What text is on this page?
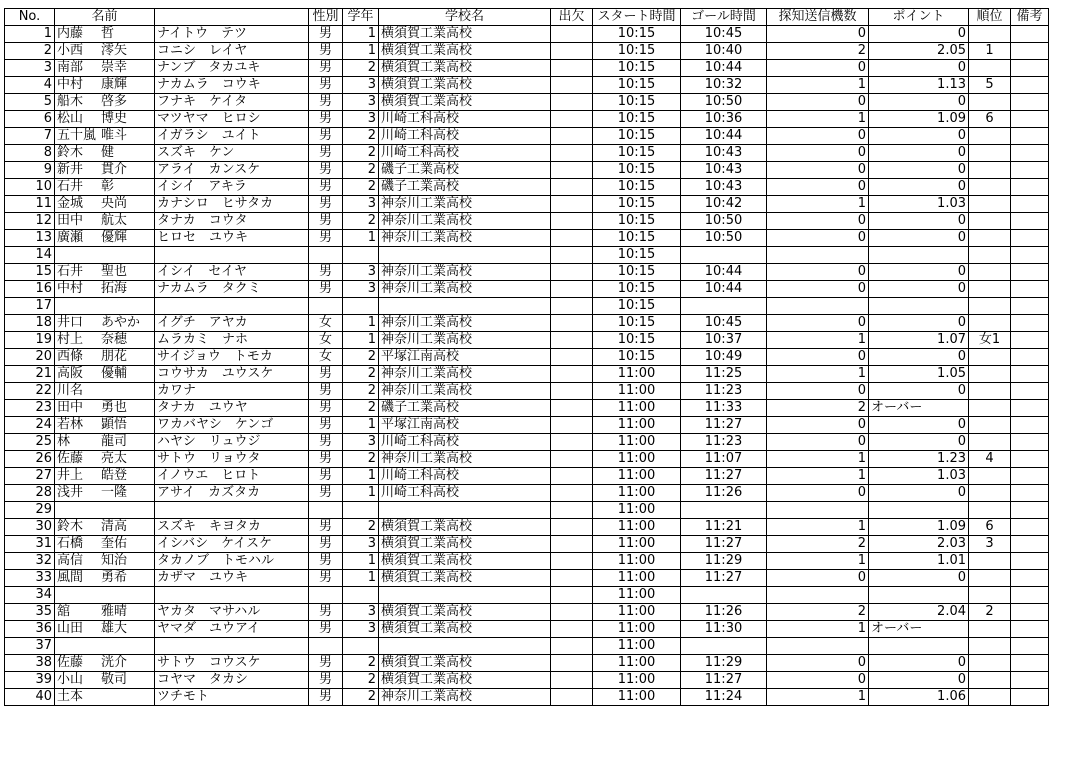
No.	名前		性別	学年	学校名	出欠	スタート時間	ゴール時間	探知送信機数	ポイント	順位	備考
1	内藤 哲	ナイトウ　テツ	男	1	横須賀工業高校		10:15	10:45	0	0		
2	小西 澪矢	コニシ　レイヤ	男	1	横須賀工業高校		10:15	10:40	2	2.05	1	
3	南部 崇幸	ナンブ　タカユキ	男	2	横須賀工業高校		10:15	10:44	0	0		
4	中村 康輝	ナカムラ　コウキ	男	3	横須賀工業高校		10:15	10:32	1	1.13	5	
5	船木 啓多	フナキ　ケイタ	男	3	横須賀工業高校		10:15	10:50	0	0		
6	松山 博史	マツヤマ　ヒロシ	男	3	川崎工科高校		10:15	10:36	1	1.09	6	
7	五十嵐 唯斗	イガラシ　ユイト	男	2	川崎工科高校		10:15	10:44	0	0		
8	鈴木 健	スズキ　ケン	男	2	川崎工科高校		10:15	10:43	0	0		
9	新井 貫介	アライ　カンスケ	男	2	磯子工業高校		10:15	10:43	0	0		
10	石井 彰	イシイ　アキラ	男	2	磯子工業高校		10:15	10:43	0	0		
11	金城 央尚	カナシロ　ヒサタカ	男	3	神奈川工業高校		10:15	10:42	1	1.03		
12	田中 航太	タナカ　コウタ	男	2	神奈川工業高校		10:15	10:50	0	0		
13	廣瀬 優輝	ヒロセ　ユウキ	男	1	神奈川工業高校		10:15	10:50	0	0		
14							10:15					
15	石井 聖也	イシイ　セイヤ	男	3	神奈川工業高校		10:15	10:44	0	0		
16	中村 拓海	ナカムラ　タクミ	男	3	神奈川工業高校		10:15	10:44	0	0		
17							10:15					
18	井口 あやか	イグチ　アヤカ	女	1	神奈川工業高校		10:15	10:45	0	0		
19	村上 奈穂	ムラカミ　ナホ	女	1	神奈川工業高校		10:15	10:37	1	1.07	女1	
20	西條 朋花	サイジョウ　トモカ	女	2	平塚江南高校		10:15	10:49	0	0		
21	高阪 優輔	コウサカ　ユウスケ	男	2	神奈川工業高校		11:00	11:25	1	1.05		
22	川名	カワナ	男	2	神奈川工業高校		11:00	11:23	0	0		
23	田中 勇也	タナカ　ユウヤ	男	2	磯子工業高校		11:00	11:33	2	オーバー		
24	若林 顕悟	ワカバヤシ　ケンゴ	男	1	平塚江南高校		11:00	11:27	0	0		
25	林 龍司	ハヤシ　リュウジ	男	3	川崎工科高校		11:00	11:23	0	0		
26	佐藤 亮太	サトウ　リョウタ	男	2	神奈川工業高校		11:00	11:07	1	1.23	4	
27	井上 皓登	イノウエ　ヒロト	男	1	川崎工科高校		11:00	11:27	1	1.03		
28	浅井 一隆	アサイ　カズタカ	男	1	川崎工科高校		11:00	11:26	0	0		
29							11:00					
30	鈴木 清高	スズキ　キヨタカ	男	2	横須賀工業高校		11:00	11:21	1	1.09	6	
31	石橋 奎佑	イシバシ　ケイスケ	男	3	横須賀工業高校		11:00	11:27	2	2.03	3	
32	高信 知治	タカノブ　トモハル	男	1	横須賀工業高校		11:00	11:29	1	1.01		
33	風間 勇希	カザマ　ユウキ	男	1	横須賀工業高校		11:00	11:27	0	0		
34							11:00					
35	舘 雅晴	ヤカタ　マサハル	男	3	横須賀工業高校		11:00	11:26	2	2.04	2	
36	山田 雄大	ヤマダ　ユウアイ	男	3	横須賀工業高校		11:00	11:30	1	オーバー		
37							11:00					
38	佐藤 洸介	サトウ　コウスケ	男	2	横須賀工業高校		11:00	11:29	0	0		
39	小山 敬司	コヤマ　タカシ	男	2	横須賀工業高校		11:00	11:27	0	0		
40	土本	ツチモト	男	2	神奈川工業高校		11:00	11:24	1	1.06		
